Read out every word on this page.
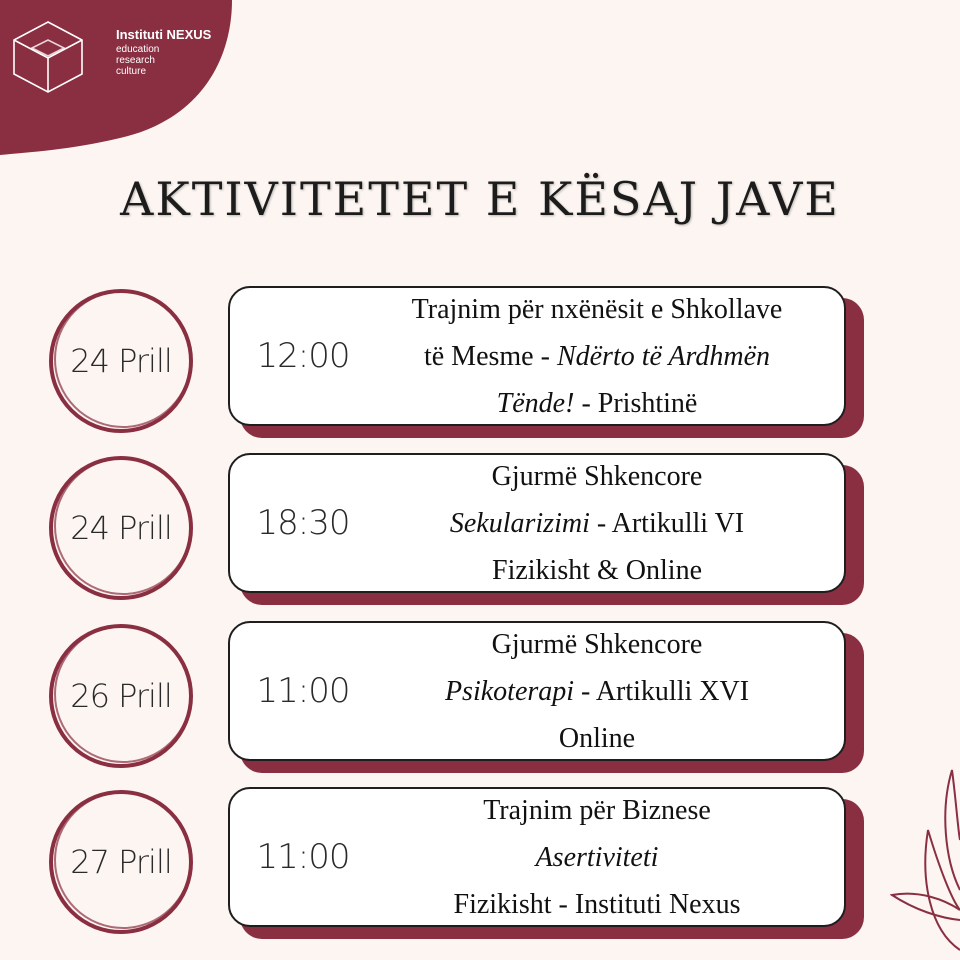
Instituti NEXUS
education
research
culture
AKTIVITETET E KËSAJ JAVE
24 Prill	12:00
Trajnim për nxënësit e Shkollave
të Mesme - Ndërto të Ardhmën
Tënde! - Prishtinë
24 Prill	18:30
Gjurmë Shkencore
Sekularizimi - Artikulli VI
Fizikisht & Online
26 Prill	11:00
Gjurmë Shkencore
Psikoterapi - Artikulli XVI
Online
27 Prill	11:00
Trajnim për Biznese
Asertiviteti
Fizikisht - Instituti Nexus
